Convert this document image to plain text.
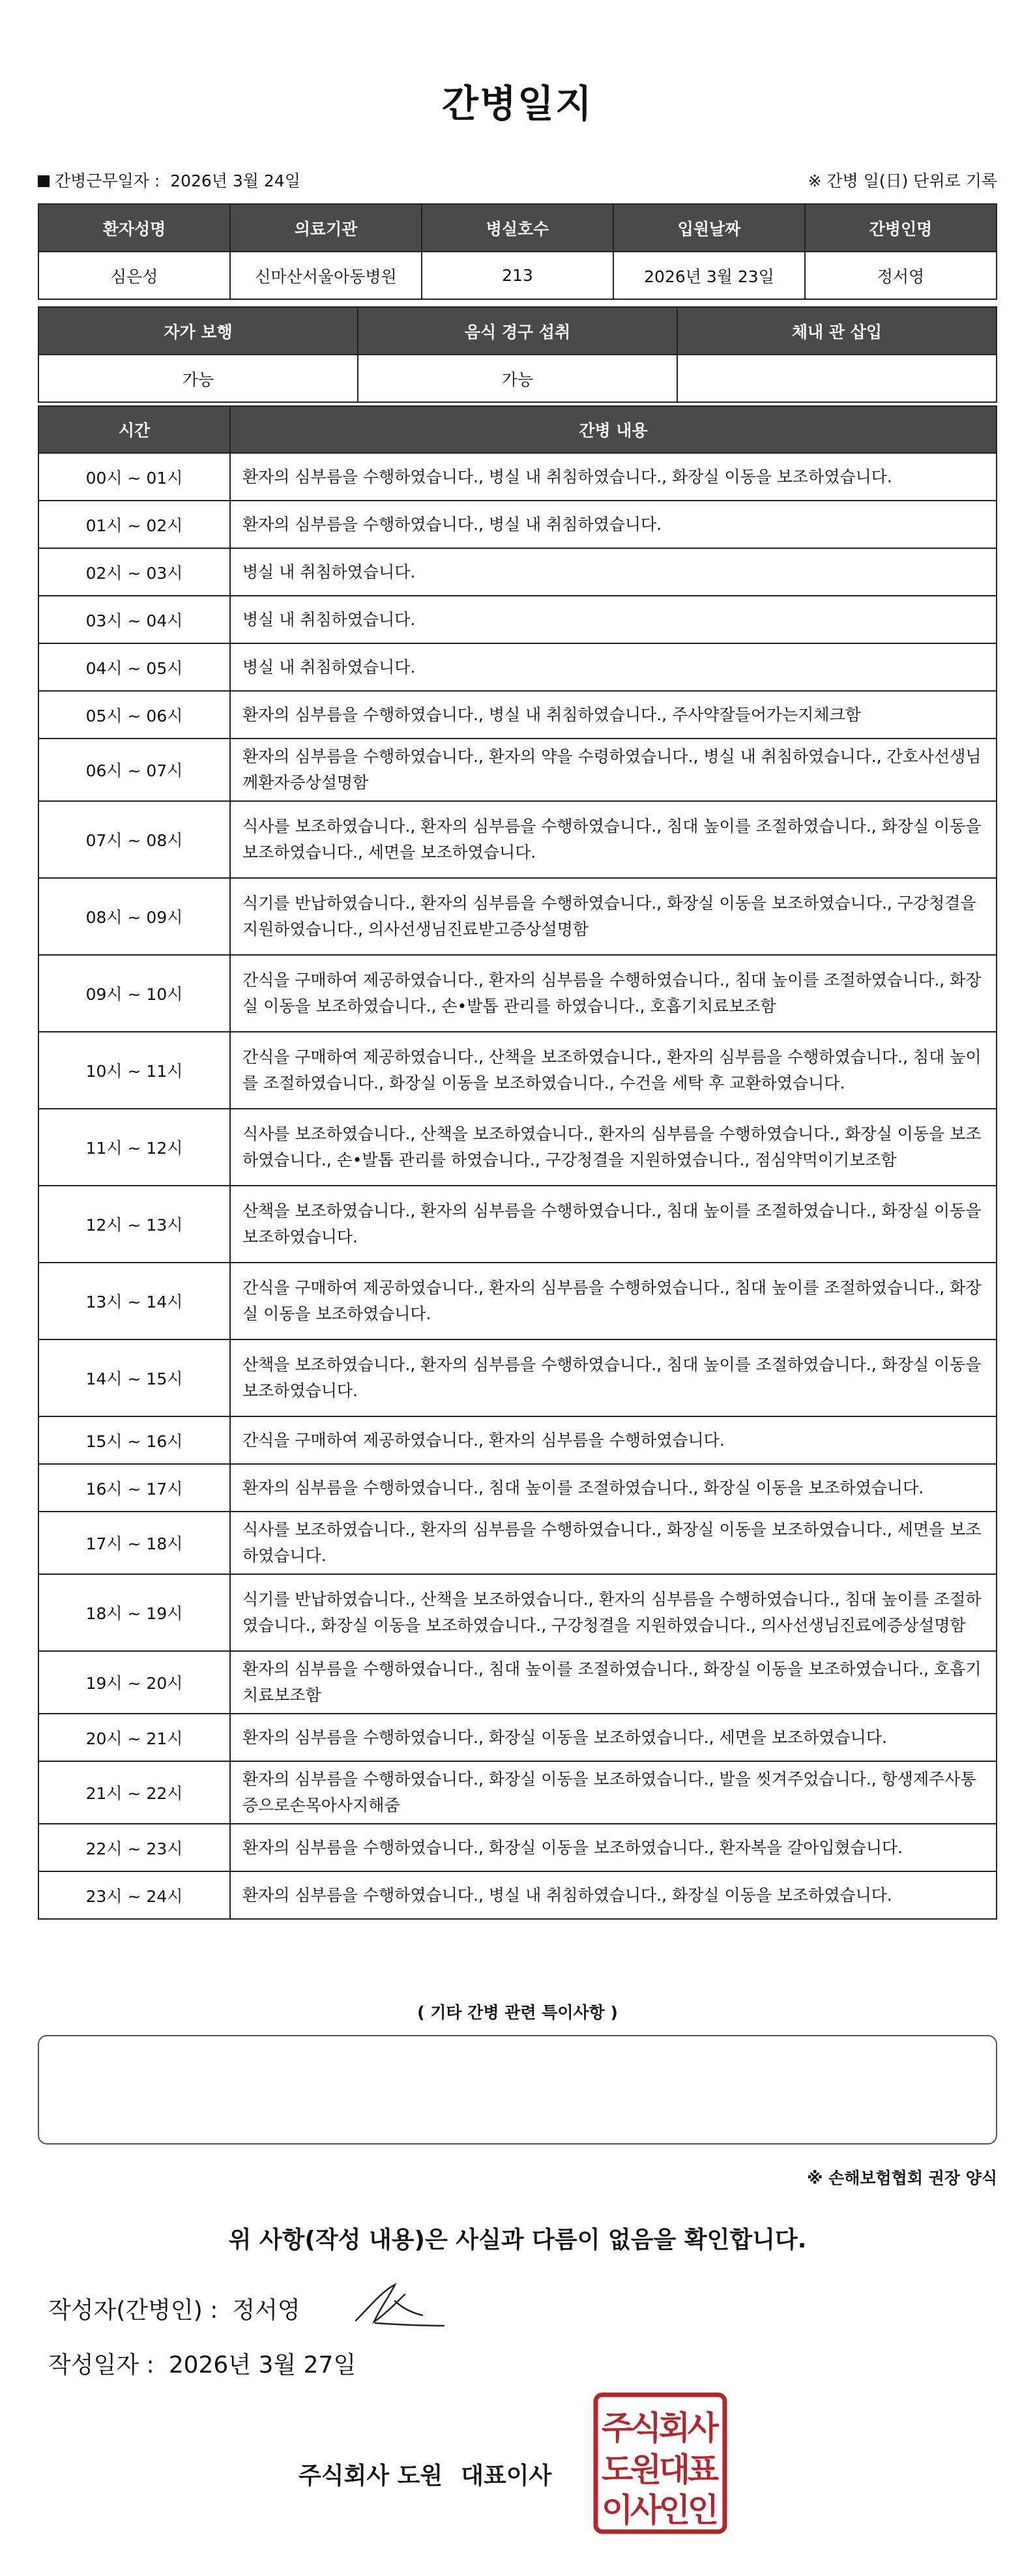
간병일지
간병근무일자 :  2026년 3월 24일	※ 간병 일(日) 단위로 기록
환자성명	의료기관	병실호수	입원날짜	간병인명
심은성	신마산서울아동병원	213	2026년 3월 23일	정서영
자가 보행	음식 경구 섭취	체내 관 삽입
가능	가능	
시간	간병 내용
00시 ~ 01시	환자의 심부름을 수행하였습니다., 병실 내 취침하였습니다., 화장실 이동을 보조하였습니다.
01시 ~ 02시	환자의 심부름을 수행하였습니다., 병실 내 취침하였습니다.
02시 ~ 03시	병실 내 취침하였습니다.
03시 ~ 04시	병실 내 취침하였습니다.
04시 ~ 05시	병실 내 취침하였습니다.
05시 ~ 06시	환자의 심부름을 수행하였습니다., 병실 내 취침하였습니다., 주사약잘들어가는지체크함
06시 ~ 07시	환자의 심부름을 수행하였습니다., 환자의 약을 수령하였습니다., 병실 내 취침하였습니다., 간호사선생님께환자증상설명함
07시 ~ 08시	식사를 보조하였습니다., 환자의 심부름을 수행하였습니다., 침대 높이를 조절하였습니다., 화장실 이동을 보조하였습니다., 세면을 보조하였습니다.
08시 ~ 09시	식기를 반납하였습니다., 환자의 심부름을 수행하였습니다., 화장실 이동을 보조하였습니다., 구강청결을 지원하였습니다., 의사선생님진료받고증상설명함
09시 ~ 10시	간식을 구매하여 제공하였습니다., 환자의 심부름을 수행하였습니다., 침대 높이를 조절하였습니다., 화장실 이동을 보조하였습니다., 손•발톱 관리를 하였습니다., 호흡기치료보조함
10시 ~ 11시	간식을 구매하여 제공하였습니다., 산책을 보조하였습니다., 환자의 심부름을 수행하였습니다., 침대 높이를 조절하였습니다., 화장실 이동을 보조하였습니다., 수건을 세탁 후 교환하였습니다.
11시 ~ 12시	식사를 보조하였습니다., 산책을 보조하였습니다., 환자의 심부름을 수행하였습니다., 화장실 이동을 보조하였습니다., 손•발톱 관리를 하였습니다., 구강청결을 지원하였습니다., 점심약먹이기보조함
12시 ~ 13시	산책을 보조하였습니다., 환자의 심부름을 수행하였습니다., 침대 높이를 조절하였습니다., 화장실 이동을 보조하였습니다.
13시 ~ 14시	간식을 구매하여 제공하였습니다., 환자의 심부름을 수행하였습니다., 침대 높이를 조절하였습니다., 화장실 이동을 보조하였습니다.
14시 ~ 15시	산책을 보조하였습니다., 환자의 심부름을 수행하였습니다., 침대 높이를 조절하였습니다., 화장실 이동을 보조하였습니다.
15시 ~ 16시	간식을 구매하여 제공하였습니다., 환자의 심부름을 수행하였습니다.
16시 ~ 17시	환자의 심부름을 수행하였습니다., 침대 높이를 조절하였습니다., 화장실 이동을 보조하였습니다.
17시 ~ 18시	식사를 보조하였습니다., 환자의 심부름을 수행하였습니다., 화장실 이동을 보조하였습니다., 세면을 보조하였습니다.
18시 ~ 19시	식기를 반납하였습니다., 산책을 보조하였습니다., 환자의 심부름을 수행하였습니다., 침대 높이를 조절하였습니다., 화장실 이동을 보조하였습니다., 구강청결을 지원하였습니다., 의사선생님진료에증상설명함
19시 ~ 20시	환자의 심부름을 수행하였습니다., 침대 높이를 조절하였습니다., 화장실 이동을 보조하였습니다., 호흡기치료보조함
20시 ~ 21시	환자의 심부름을 수행하였습니다., 화장실 이동을 보조하였습니다., 세면을 보조하였습니다.
21시 ~ 22시	환자의 심부름을 수행하였습니다., 화장실 이동을 보조하였습니다., 발을 씻겨주었습니다., 항생제주사통증으로손목아사지해줌
22시 ~ 23시	환자의 심부름을 수행하였습니다., 화장실 이동을 보조하였습니다., 환자복을 갈아입혔습니다.
23시 ~ 24시	환자의 심부름을 수행하였습니다., 병실 내 취침하였습니다., 화장실 이동을 보조하였습니다.
( 기타 간병 관련 특이사항 )
※ 손해보험협회 권장 양식
위 사항(작성 내용)은 사실과 다름이 없음을 확인합니다.
작성자(간병인) : 정서영
작성일자 : 2026년 3월 27일
주식회사 도원 대표이사
주식회사
도원대표
이사인인
